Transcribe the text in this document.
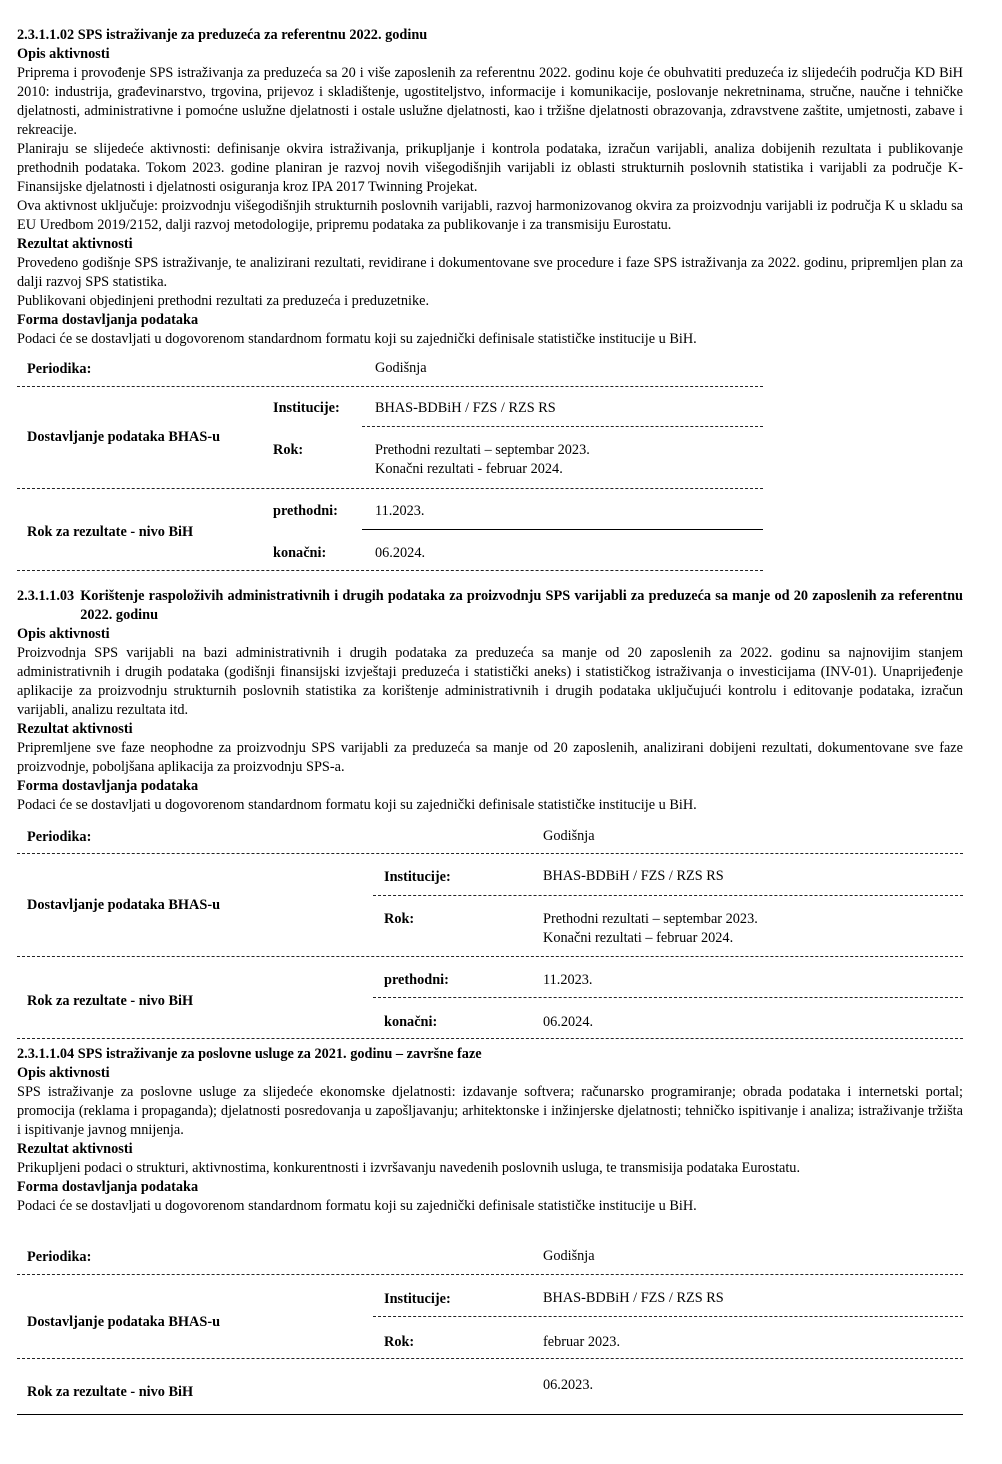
2.3.1.1.02 SPS istraživanje za preduzeća za referentnu 2022. godinu

Opis aktivnosti

Priprema i provođenje SPS istraživanja za preduzeća sa 20 i više zaposlenih za referentnu 2022. godinu koje će obuhvatiti preduzeća iz slijedećih područja KD BiH 2010: industrija, građevinarstvo, trgovina, prijevoz i skladištenje, ugostiteljstvo, informacije i komunikacije, poslovanje nekretninama, stručne, naučne i tehničke djelatnosti, administrativne i pomoćne uslužne djelatnosti i ostale uslužne djelatnosti, kao i tržišne djelatnosti obrazovanja, zdravstvene zaštite, umjetnosti, zabave i rekreacije.

Planiraju se slijedeće aktivnosti: definisanje okvira istraživanja, prikupljanje i kontrola podataka, izračun varijabli, analiza dobijenih rezultata i publikovanje prethodnih podataka. Tokom 2023. godine planiran je razvoj novih višegodišnjih varijabli iz oblasti strukturnih poslovnih statistika i varijabli za područje K-Finansijske djelatnosti i djelatnosti osiguranja kroz IPA 2017 Twinning Projekat.

Ova aktivnost uključuje: proizvodnju višegodišnjih strukturnih poslovnih varijabli, razvoj harmonizovanog okvira za proizvodnju varijabli iz područja K u skladu sa EU Uredbom 2019/2152, dalji razvoj metodologije, pripremu podataka za publikovanje i za transmisiju Eurostatu.

Rezultat aktivnosti

Provedeno godišnje SPS istraživanje, te analizirani rezultati, revidirane i dokumentovane sve procedure i faze SPS istraživanja za 2022. godinu, pripremljen plan za dalji razvoj SPS statistika.

Publikovani objedinjeni prethodni rezultati za preduzeća i preduzetnike.

Forma dostavljanja podataka

Podaci će se dostavljati u dogovorenom standardnom formatu koji su zajednički definisale statističke institucije u BiH.

Periodika:	Godišnja
Dostavljanje podataka BHAS-u
Institucije: BHAS-BDBiH / FZS / RZS RS
Rok:	Prethodni rezultati – septembar 2023.
Konačni rezultati - februar 2024.
Rok za rezultate - nivo BiH
prethodni:	11.2023.
konačni:	06.2024.
2.3.1.1.03 Korištenje raspoloživih administrativnih i drugih podataka za proizvodnju SPS varijabli za preduzeća sa manje od 20 zaposlenih za referentnu 2022. godinu

Opis aktivnosti

Proizvodnja SPS varijabli na bazi administrativnih i drugih podataka za preduzeća sa manje od 20 zaposlenih za 2022. godinu sa najnovijim stanjem administrativnih i drugih podataka (godišnji finansijski izvještaji preduzeća i statistički aneks) i statističkog istraživanja o investicijama (INV-01). Unaprijeđenje aplikacije za proizvodnju strukturnih poslovnih statistika za korištenje administrativnih i drugih podataka uključujući kontrolu i editovanje podataka, izračun varijabli, analizu rezultata itd.

Rezultat aktivnosti

Pripremljene sve faze neophodne za proizvodnju SPS varijabli za preduzeća sa manje od 20 zaposlenih, analizirani dobijeni rezultati, dokumentovane sve faze proizvodnje, poboljšana aplikacija za proizvodnju SPS-a.

Forma dostavljanja podataka

Podaci će se dostavljati u dogovorenom standardnom formatu koji su zajednički definisale statističke institucije u BiH.

Periodika:	Godišnja
Dostavljanje podataka BHAS-u
Institucije:	BHAS-BDBiH / FZS / RZS RS
Rok:	Prethodni rezultati – septembar 2023.
Konačni rezultati – februar 2024.
Rok za rezultate - nivo BiH
prethodni:	11.2023.
konačni:	06.2024.

2.3.1.1.04 SPS istraživanje za poslovne usluge za 2021. godinu – završne faze

Opis aktivnosti

SPS istraživanje za poslovne usluge za slijedeće ekonomske djelatnosti: izdavanje softvera; računarsko programiranje; obrada podataka i internetski portal; promocija (reklama i propaganda); djelatnosti posredovanja u zapošljavanju; arhitektonske i inžinjerske djelatnosti; tehničko ispitivanje i analiza; istraživanje tržišta i ispitivanje javnog mnijenja.

Rezultat aktivnosti

Prikupljeni podaci o strukturi, aktivnostima, konkurentnosti i izvršavanju navedenih poslovnih usluga, te transmisija podataka Eurostatu.

Forma dostavljanja podataka

Podaci će se dostavljati u dogovorenom standardnom formatu koji su zajednički definisale statističke institucije u BiH.

Periodika:	Godišnja
Dostavljanje podataka BHAS-u
Institucije:	BHAS-BDBiH / FZS / RZS RS
Rok:	februar 2023.
Rok za rezultate - nivo BiH	06.2023.
